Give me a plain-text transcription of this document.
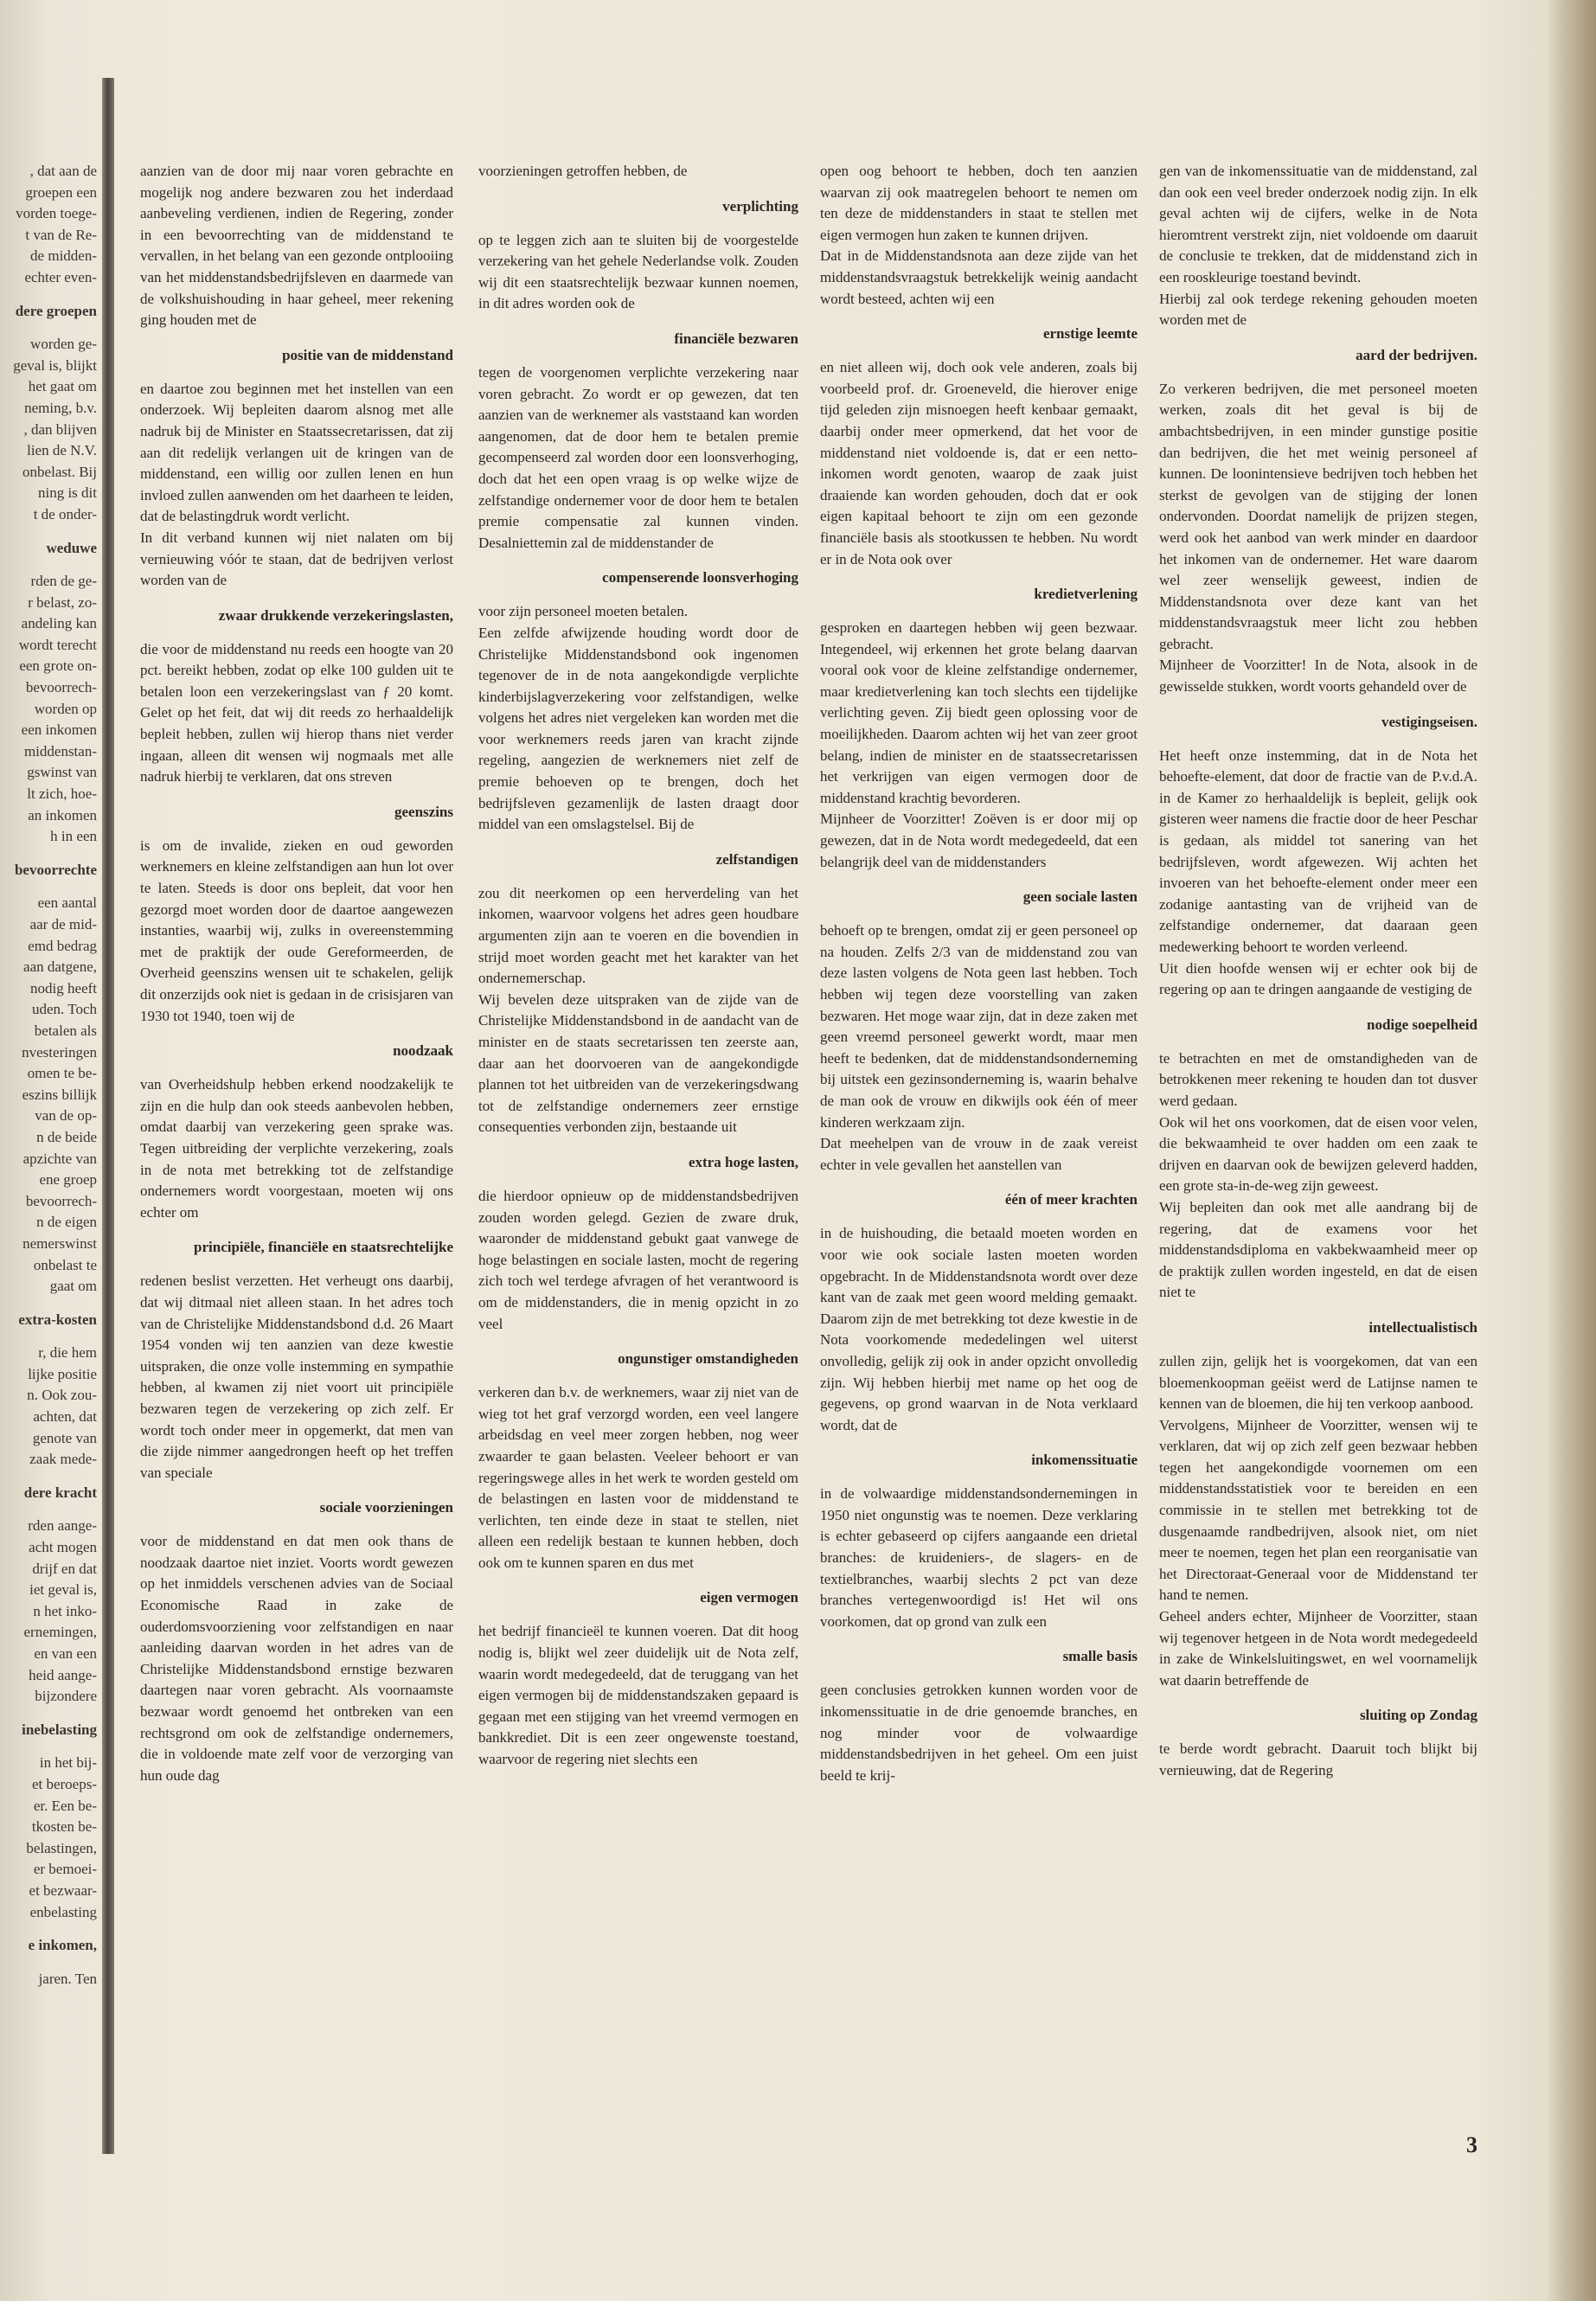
, dat aan de
groepen een
vorden toege-
t van de Re-
de midden-
echter even-
dere groepen
worden ge-
geval is, blijkt
het gaat om
neming, b.v.
, dan blijven
lien de N.V.
onbelast. Bij
ning is dit
t de onder-
weduwe
rden de ge-
r belast, zo-
andeling kan
wordt terecht
een grote on-
bevoorrech-
worden op
een inkomen
middenstan-
gswinst van
lt zich, hoe-
an inkomen
h in een
bevoorrechte
een aantal
aar de mid-
emd bedrag
aan datgene,
nodig heeft
uden. Toch
betalen als
nvesteringen
omen te be-
eszins billijk
van de op-
n de beide
apzichte van
ene groep
bevoorrech-
n de eigen
nemerswinst
onbelast te
gaat om
extra-kosten
r, die hem
lijke positie
n. Ook zou-
achten, dat
genote van
zaak mede-
dere kracht
rden aange-
acht mogen
drijf en dat
iet geval is,
n het inko-
ernemingen,
en van een
heid aange-
bijzondere
inebelasting
in het bij-
et beroeps-
er. Een be-
tkosten be-
belastingen,
er bemoei-
et bezwaar-
enbelasting
e inkomen,
jaren. Ten

aanzien van de door mij naar voren gebrachte en mogelijk nog andere bezwaren zou het inderdaad aanbeveling verdienen, indien de Regering, zonder in een bevoorrechting van de middenstand te vervallen, in het belang van een gezonde ontplooiing van het middenstandsbedrijfsleven en daarmede van de volkshuishouding in haar geheel, meer rekening ging houden met de

positie van de middenstand

en daartoe zou beginnen met het instellen van een onderzoek. Wij bepleiten daarom alsnog met alle nadruk bij de Minister en Staatssecretarissen, dat zij aan dit redelijk verlangen uit de kringen van de middenstand, een willig oor zullen lenen en hun invloed zullen aanwenden om het daarheen te leiden, dat de belastingdruk wordt verlicht.

In dit verband kunnen wij niet nalaten om bij vernieuwing vóór te staan, dat de bedrijven verlost worden van de

zwaar drukkende verzekeringslasten,

die voor de middenstand nu reeds een hoogte van 20 pct. bereikt hebben, zodat op elke 100 gulden uit te betalen loon een verzekeringslast van ƒ 20 komt. Gelet op het feit, dat wij dit reeds zo herhaaldelijk bepleit hebben, zullen wij hierop thans niet verder ingaan, alleen dit wensen wij nogmaals met alle nadruk hierbij te verklaren, dat ons streven

geenszins

is om de invalide, zieken en oud geworden werknemers en kleine zelfstandigen aan hun lot over te laten. Steeds is door ons bepleit, dat voor hen gezorgd moet worden door de daartoe aangewezen instanties, waarbij wij, zulks in overeenstemming met de praktijk der oude Gereformeerden, de Overheid geenszins wensen uit te schakelen, gelijk dit onzerzijds ook niet is gedaan in de crisisjaren van 1930 tot 1940, toen wij de

noodzaak

van Overheidshulp hebben erkend noodzakelijk te zijn en die hulp dan ook steeds aanbevolen hebben, omdat daarbij van verzekering geen sprake was. Tegen uitbreiding der verplichte verzekering, zoals in de nota met betrekking tot de zelfstandige ondernemers wordt voorgestaan, moeten wij ons echter om

principiële, financiële en staatsrechtelijke

redenen beslist verzetten. Het verheugt ons daarbij, dat wij ditmaal niet alleen staan. In het adres toch van de Christelijke Middenstandsbond d.d. 26 Maart 1954 vonden wij ten aanzien van deze kwestie uitspraken, die onze volle instemming en sympathie hebben, al kwamen zij niet voort uit principiële bezwaren tegen de verzekering op zich zelf. Er wordt toch onder meer in opgemerkt, dat men van die zijde nimmer aangedrongen heeft op het treffen van speciale

sociale voorzieningen

voor de middenstand en dat men ook thans de noodzaak daartoe niet inziet. Voorts wordt gewezen op het inmiddels verschenen advies van de Sociaal Economische Raad in zake de ouderdomsvoorziening voor zelfstandigen en naar aanleiding daarvan worden in het adres van de Christelijke Middenstandsbond ernstige bezwaren daartegen naar voren gebracht. Als voornaamste bezwaar wordt genoemd het ontbreken van een rechtsgrond om ook de zelfstandige ondernemers, die in voldoende mate zelf voor de verzorging van hun oude dag

voorzieningen getroffen hebben, de

verplichting

op te leggen zich aan te sluiten bij de voorgestelde verzekering van het gehele Nederlandse volk. Zouden wij dit een staatsrechtelijk bezwaar kunnen noemen, in dit adres worden ook de

financiële bezwaren

tegen de voorgenomen verplichte verzekering naar voren gebracht. Zo wordt er op gewezen, dat ten aanzien van de werknemer als vaststaand kan worden aangenomen, dat de door hem te betalen premie gecompenseerd zal worden door een loonsverhoging, doch dat het een open vraag is op welke wijze de zelfstandige ondernemer voor de door hem te betalen premie compensatie zal kunnen vinden. Desalniettemin zal de middenstander de

compenserende loonsverhoging

voor zijn personeel moeten betalen.

Een zelfde afwijzende houding wordt door de Christelijke Middenstandsbond ook ingenomen tegenover de in de nota aangekondigde verplichte kinderbijslagverzekering voor zelfstandigen, welke volgens het adres niet vergeleken kan worden met die voor werknemers reeds jaren van kracht zijnde regeling, aangezien de werknemers niet zelf de premie behoeven op te brengen, doch het bedrijfsleven gezamenlijk de lasten draagt door middel van een omslagstelsel. Bij de

zelfstandigen

zou dit neerkomen op een herverdeling van het inkomen, waarvoor volgens het adres geen houdbare argumenten zijn aan te voeren en die bovendien in strijd moet worden geacht met het karakter van het ondernemerschap.

Wij bevelen deze uitspraken van de zijde van de Christelijke Middenstandsbond in de aandacht van de minister en de staats secretarissen ten zeerste aan, daar aan het doorvoeren van de aangekondigde plannen tot het uitbreiden van de verzekeringsdwang tot de zelfstandige ondernemers zeer ernstige consequenties verbonden zijn, bestaande uit

extra hoge lasten,

die hierdoor opnieuw op de middenstandsbedrijven zouden worden gelegd. Gezien de zware druk, waaronder de middenstand gebukt gaat vanwege de hoge belastingen en sociale lasten, mocht de regering zich toch wel terdege afvragen of het verantwoord is om de middenstanders, die in menig opzicht in zo veel

ongunstiger omstandigheden

verkeren dan b.v. de werknemers, waar zij niet van de wieg tot het graf verzorgd worden, een veel langere arbeidsdag en veel meer zorgen hebben, nog weer zwaarder te gaan belasten. Veeleer behoort er van regeringswege alles in het werk te worden gesteld om de belastingen en lasten voor de middenstand te verlichten, ten einde deze in staat te stellen, niet alleen een redelijk bestaan te kunnen hebben, doch ook om te kunnen sparen en dus met

eigen vermogen

het bedrijf financieël te kunnen voeren. Dat dit hoog nodig is, blijkt wel zeer duidelijk uit de Nota zelf, waarin wordt medegedeeld, dat de teruggang van het eigen vermogen bij de middenstandszaken gepaard is gegaan met een stijging van het vreemd vermogen en bankkrediet. Dit is een zeer ongewenste toestand, waarvoor de regering niet slechts een

open oog behoort te hebben, doch ten aanzien waarvan zij ook maatregelen behoort te nemen om ten deze de middenstanders in staat te stellen met eigen vermogen hun zaken te kunnen drijven.

Dat in de Middenstandsnota aan deze zijde van het middenstandsvraagstuk betrekkelijk weinig aandacht wordt besteed, achten wij een

ernstige leemte

en niet alleen wij, doch ook vele anderen, zoals bij voorbeeld prof. dr. Groeneveld, die hierover enige tijd geleden zijn misnoegen heeft kenbaar gemaakt, daarbij onder meer opmerkend, dat het voor de middenstand niet voldoende is, dat er een netto-inkomen wordt genoten, waarop de zaak juist draaiende kan worden gehouden, doch dat er ook eigen kapitaal behoort te zijn om een gezonde financiële basis als stootkussen te hebben. Nu wordt er in de Nota ook over

kredietverlening

gesproken en daartegen hebben wij geen bezwaar. Integendeel, wij erkennen het grote belang daarvan vooral ook voor de kleine zelfstandige ondernemer, maar kredietverlening kan toch slechts een tijdelijke verlichting geven. Zij biedt geen oplossing voor de moeilijkheden. Daarom achten wij het van zeer groot belang, indien de minister en de staatssecretarissen het verkrijgen van eigen vermogen door de middenstand krachtig bevorderen.

Mijnheer de Voorzitter! Zoëven is er door mij op gewezen, dat in de Nota wordt medegedeeld, dat een belangrijk deel van de middenstanders

geen sociale lasten

behoeft op te brengen, omdat zij er geen personeel op na houden. Zelfs 2/3 van de middenstand zou van deze lasten volgens de Nota geen last hebben. Toch hebben wij tegen deze voorstelling van zaken bezwaren. Het moge waar zijn, dat in deze zaken met geen vreemd personeel gewerkt wordt, maar men heeft te bedenken, dat de middenstandsonderneming bij uitstek een gezinsonderneming is, waarin behalve de man ook de vrouw en dikwijls ook één of meer kinderen werkzaam zijn.

Dat meehelpen van de vrouw in de zaak vereist echter in vele gevallen het aanstellen van

één of meer krachten

in de huishouding, die betaald moeten worden en voor wie ook sociale lasten moeten worden opgebracht. In de Middenstandsnota wordt over deze kant van de zaak met geen woord melding gemaakt. Daarom zijn de met betrekking tot deze kwestie in de Nota voorkomende mededelingen wel uiterst onvolledig, gelijk zij ook in ander opzicht onvolledig zijn. Wij hebben hierbij met name op het oog de gegevens, op grond waarvan in de Nota verklaard wordt, dat de

inkomenssituatie

in de volwaardige middenstandsondernemingen in 1950 niet ongunstig was te noemen. Deze verklaring is echter gebaseerd op cijfers aangaande een drietal branches: de kruideniers-, de slagers- en de textielbranches, waarbij slechts 2 pct van deze branches vertegenwoordigd is! Het wil ons voorkomen, dat op grond van zulk een

smalle basis

geen conclusies getrokken kunnen worden voor de inkomenssituatie in de drie genoemde branches, en nog minder voor de volwaardige middenstandsbedrijven in het geheel. Om een juist beeld te krij-

gen van de inkomenssituatie van de middenstand, zal dan ook een veel breder onderzoek nodig zijn. In elk geval achten wij de cijfers, welke in de Nota hieromtrent verstrekt zijn, niet voldoende om daaruit de conclusie te trekken, dat de middenstand zich in een rooskleurige toestand bevindt.

Hierbij zal ook terdege rekening gehouden moeten worden met de

aard der bedrijven.

Zo verkeren bedrijven, die met personeel moeten werken, zoals dit het geval is bij de ambachtsbedrijven, in een minder gunstige positie dan bedrijven, die het met weinig personeel af kunnen. De loonintensieve bedrijven toch hebben het sterkst de gevolgen van de stijging der lonen ondervonden. Doordat namelijk de prijzen stegen, werd ook het aanbod van werk minder en daardoor het inkomen van de ondernemer. Het ware daarom wel zeer wenselijk geweest, indien de Middenstandsnota over deze kant van het middenstandsvraagstuk meer licht zou hebben gebracht.

Mijnheer de Voorzitter! In de Nota, alsook in de gewisselde stukken, wordt voorts gehandeld over de

vestigingseisen.

Het heeft onze instemming, dat in de Nota het behoefte-element, dat door de fractie van de P.v.d.A. in de Kamer zo herhaaldelijk is bepleit, gelijk ook gisteren weer namens die fractie door de heer Peschar is gedaan, als middel tot sanering van het bedrijfsleven, wordt afgewezen. Wij achten het invoeren van het behoefte-element onder meer een zodanige aantasting van de vrijheid van de zelfstandige ondernemer, dat daaraan geen medewerking behoort te worden verleend.

Uit dien hoofde wensen wij er echter ook bij de regering op aan te dringen aangaande de vestiging de

nodige soepelheid

te betrachten en met de omstandigheden van de betrokkenen meer rekening te houden dan tot dusver werd gedaan.

Ook wil het ons voorkomen, dat de eisen voor velen, die bekwaamheid te over hadden om een zaak te drijven en daarvan ook de bewijzen geleverd hadden, een grote sta-in-de-weg zijn geweest.

Wij bepleiten dan ook met alle aandrang bij de regering, dat de examens voor het middenstandsdiploma en vakbekwaamheid meer op de praktijk zullen worden ingesteld, en dat de eisen niet te

intellectualistisch

zullen zijn, gelijk het is voorgekomen, dat van een bloemenkoopman geëist werd de Latijnse namen te kennen van de bloemen, die hij ten verkoop aanbood.

Vervolgens, Mijnheer de Voorzitter, wensen wij te verklaren, dat wij op zich zelf geen bezwaar hebben tegen het aangekondigde voornemen om een middenstandsstatistiek voor te bereiden en een commissie in te stellen met betrekking tot de dusgenaamde randbedrijven, alsook niet, om niet meer te noemen, tegen het plan een reorganisatie van het Directoraat-Generaal voor de Middenstand ter hand te nemen.

Geheel anders echter, Mijnheer de Voorzitter, staan wij tegenover hetgeen in de Nota wordt medegedeeld in zake de Winkelsluitingswet, en wel voornamelijk wat daarin betreffende de

sluiting op Zondag

te berde wordt gebracht. Daaruit toch blijkt bij vernieuwing, dat de Regering

3
